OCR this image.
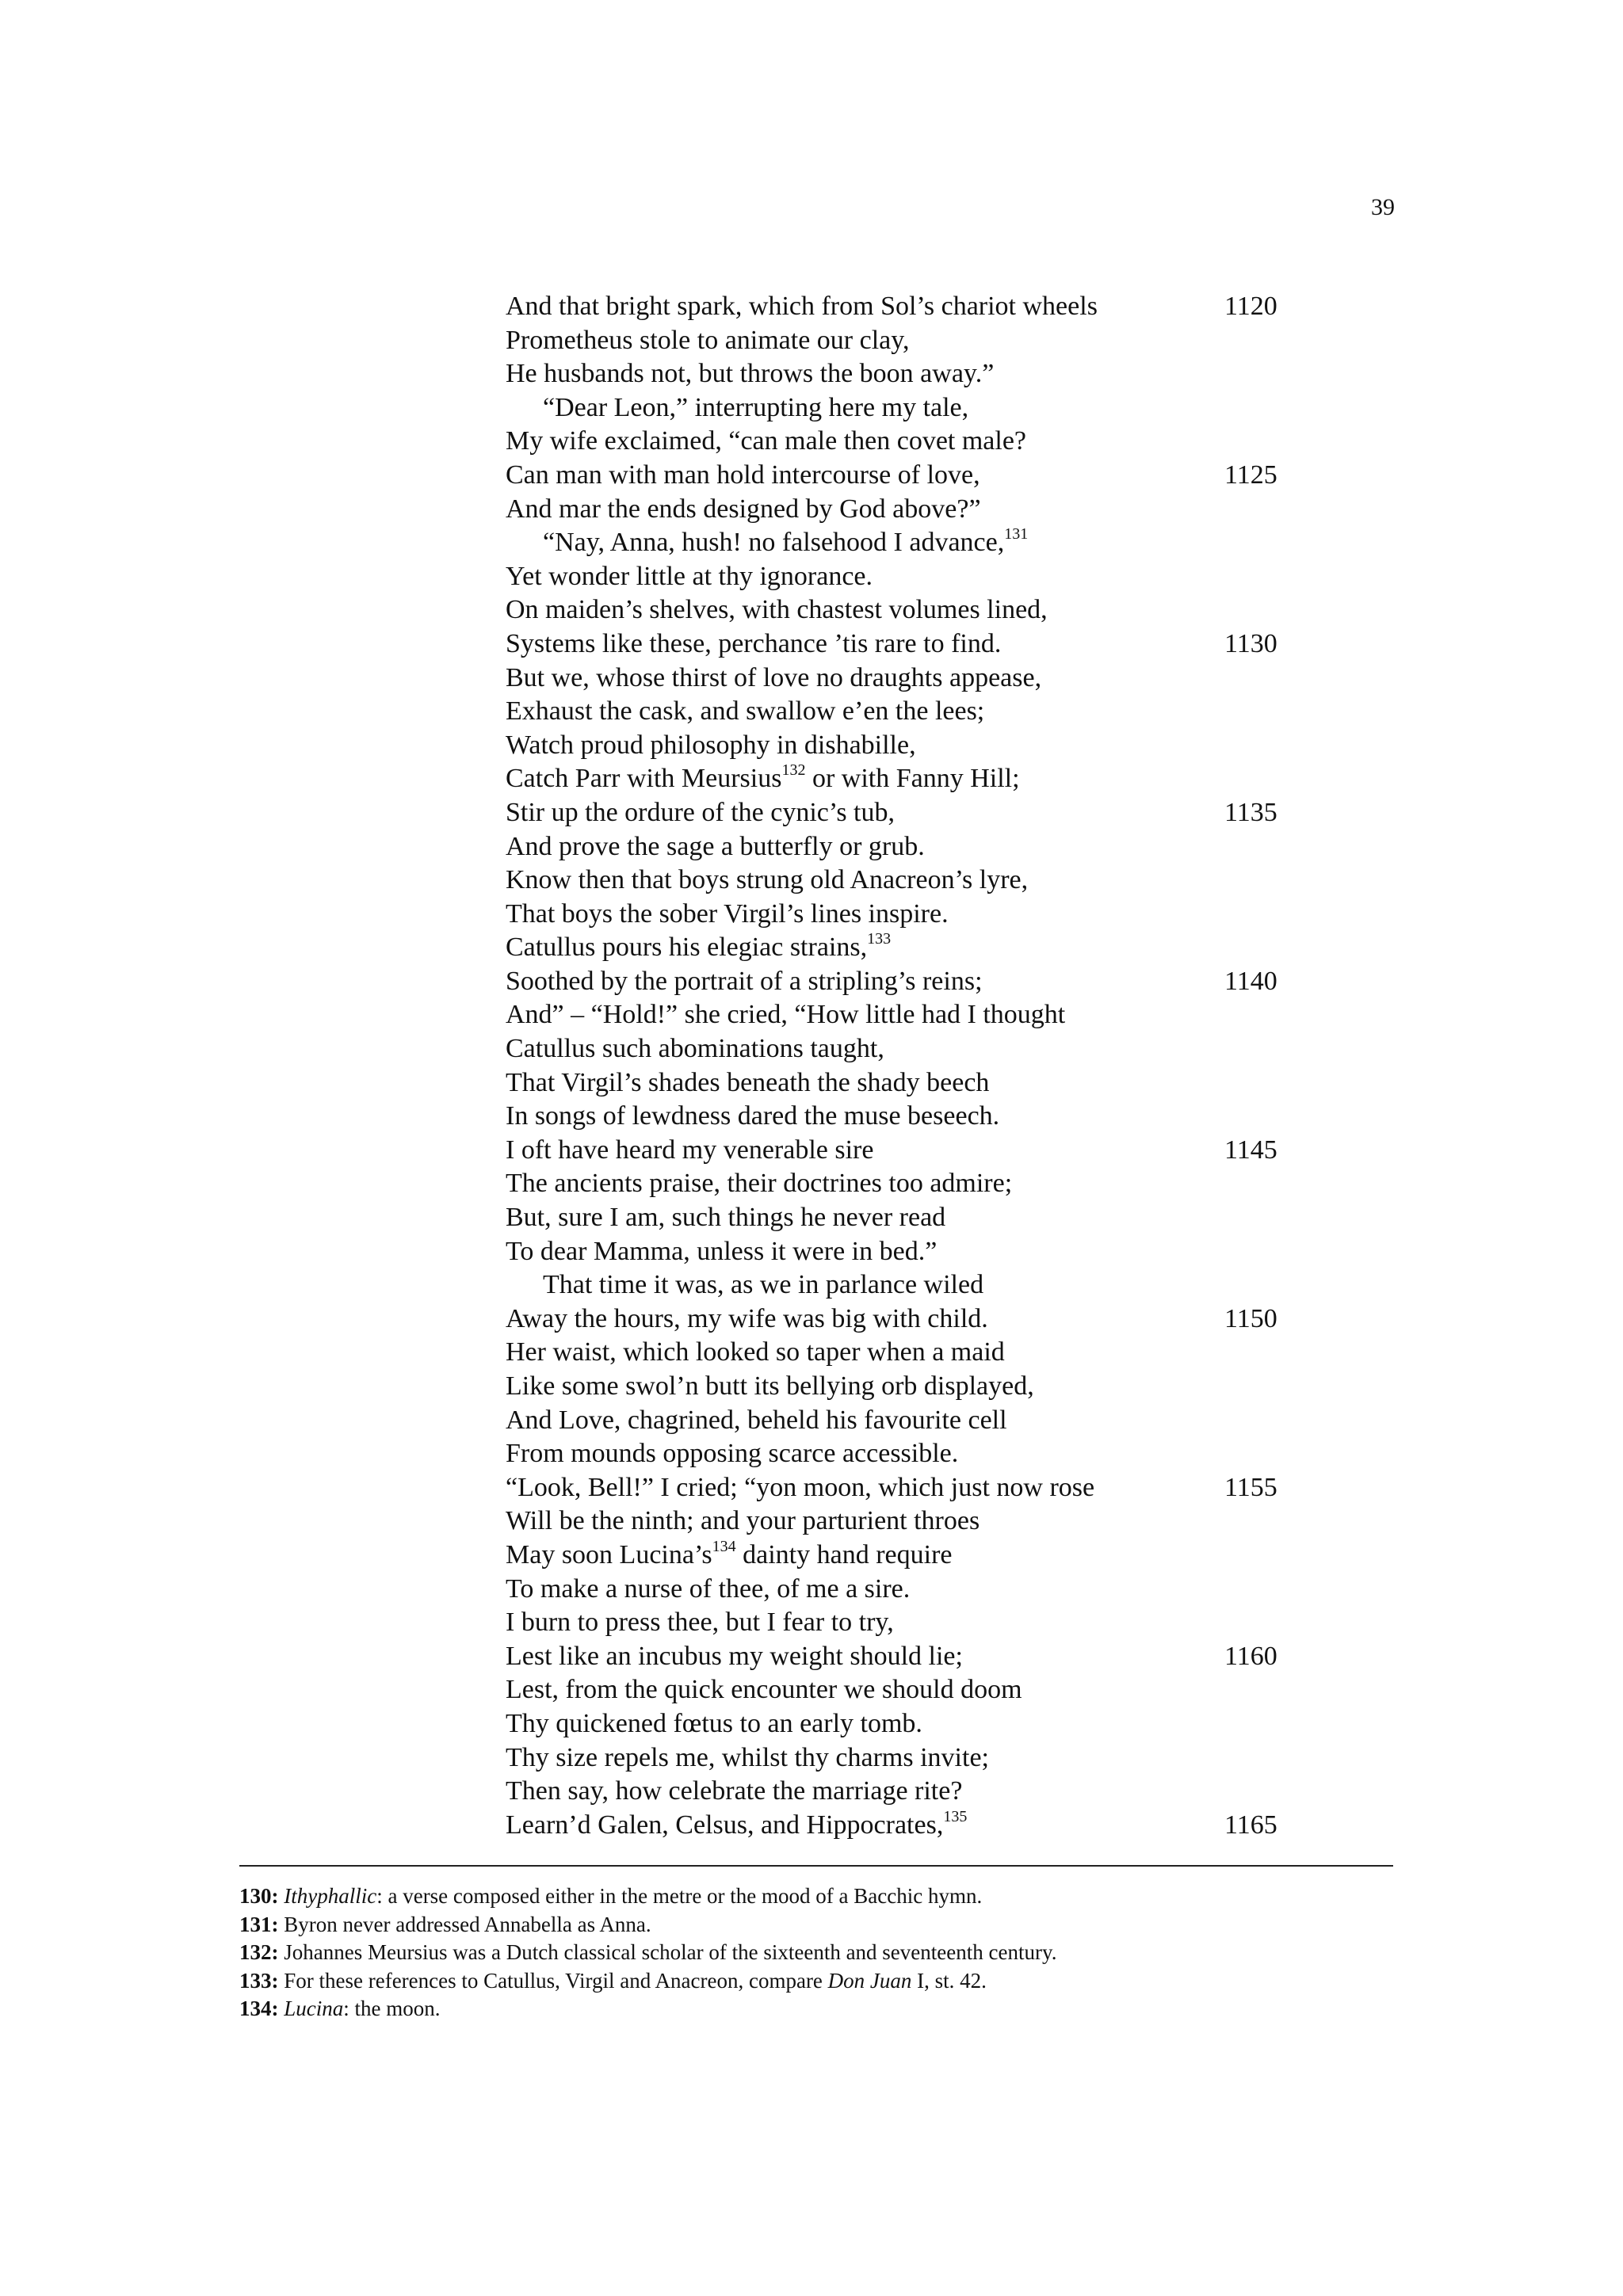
39
And that bright spark, which from Sol’s chariot wheels	1120
Prometheus stole to animate our clay,
He husbands not, but throws the boon away.”
“Dear Leon,” interrupting here my tale,
My wife exclaimed, “can male then covet male?
Can man with man hold intercourse of love,	1125
And mar the ends designed by God above?”
“Nay, Anna, hush! no falsehood I advance,$^{131}$
Yet wonder little at thy ignorance.
On maiden’s shelves, with chastest volumes lined,
Systems like these, perchance ’tis rare to find.	1130
But we, whose thirst of love no draughts appease,
Exhaust the cask, and swallow e’en the lees;
Watch proud philosophy in dishabille,
Catch Parr with Meursius$^{132}$ or with Fanny Hill;
Stir up the ordure of the cynic’s tub,	1135
And prove the sage a butterfly or grub.
Know then that boys strung old Anacreon’s lyre,
That boys the sober Virgil’s lines inspire.
Catullus pours his elegiac strains,$^{133}$
Soothed by the portrait of a stripling’s reins;	1140
And” – “Hold!” she cried, “How little had I thought
Catullus such abominations taught,
That Virgil’s shades beneath the shady beech
In songs of lewdness dared the muse beseech.
I oft have heard my venerable sire	1145
The ancients praise, their doctrines too admire;
But, sure I am, such things he never read
To dear Mamma, unless it were in bed.”
That time it was, as we in parlance wiled
Away the hours, my wife was big with child.	1150
Her waist, which looked so taper when a maid
Like some swol’n butt its bellying orb displayed,
And Love, chagrined, beheld his favourite cell
From mounds opposing scarce accessible.
“Look, Bell!” I cried; “yon moon, which just now rose	1155
Will be the ninth; and your parturient throes
May soon $Lucina’s^{134}$ dainty hand require
To make a nurse of thee, of me a sire.
I burn to press thee, but I fear to try,
Lest like an incubus my weight should lie;	1160
Lest, from the quick encounter we should doom
Thy quickened fœtus to an early tomb.
Thy size repels me, whilst thy charms invite;
Then say, how celebrate the marriage rite?
Learn’d Galen, Celsus, and Hippocrates,$^{135}$	1165
130: Ithyphallic: a verse composed either in the metre or the mood of a Bacchic hymn.
131: Byron never addressed Annabella as Anna.
132: Johannes Meursius was a Dutch classical scholar of the sixteenth and seventeenth century.
133: For these references to Catullus, Virgil and Anacreon, compare Don Juan I, st. 42.
134: Lucina: the moon.
